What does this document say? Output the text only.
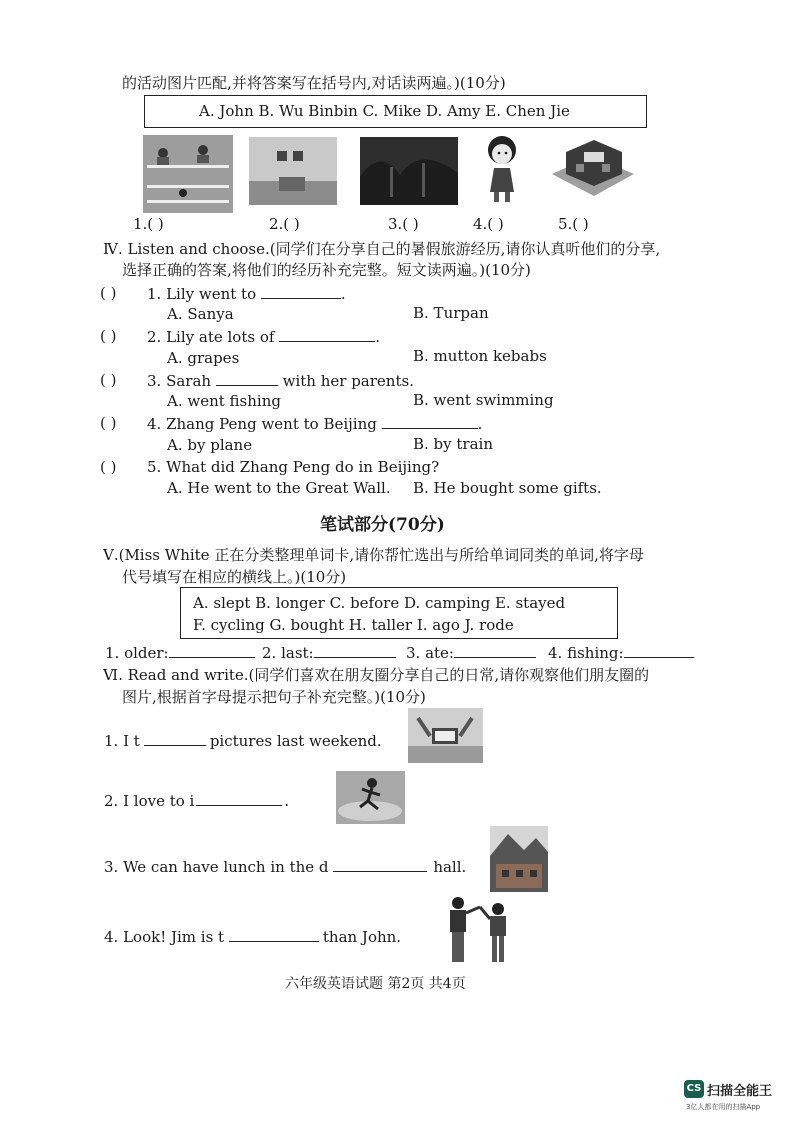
的活动图片匹配,并将答案写在括号内,对话读两遍。)(10分)
A. John B. Wu Binbin C. Mike D. Amy E. Chen Jie
1.( )	2.( )	3.( )	4.( )	5.( )
Ⅳ. Listen and choose.(同学们在分享自己的暑假旅游经历,请你认真听他们的分享,
选择正确的答案,将他们的经历补充完整。短文读两遍。)(10分)
( ) 1. Lily went to	.
A. Sanya	B. Turpan
( ) 2. Lily ate lots of	.
A. grapes	B. mutton kebabs
( ) 3. Sarah	with her parents.
A. went fishing	B. went swimming
( ) 4. Zhang Peng went to Beijing	.
A. by plane	B. by train
( ) 5. What did Zhang Peng do in Beijing?
A. He went to the Great Wall. B. He bought some gifts.
笔试部分(70分)
Ⅴ.(Miss White 正在分类整理单词卡,请你帮忙选出与所给单词同类的单词,将字母
代号填写在相应的横线上。)(10分)
A. slept B. longer C. before D. camping E. stayed
F. cycling G. bought H. taller I. ago J. rode
1. older:	2. last:	3. ate:	4. fishing:
Ⅵ. Read and write.(同学们喜欢在朋友圈分享自己的日常,请你观察他们朋友圈的
图片,根据首字母提示把句子补充完整。)(10分)
1. I t	pictures last weekend.
2. I love to i	.
3. We can have lunch in the d	hall.
4. Look! Jim is t	than John.
六年级英语试题 第2页 共4页
CS 扫描全能王
3亿人都在用的扫描App
